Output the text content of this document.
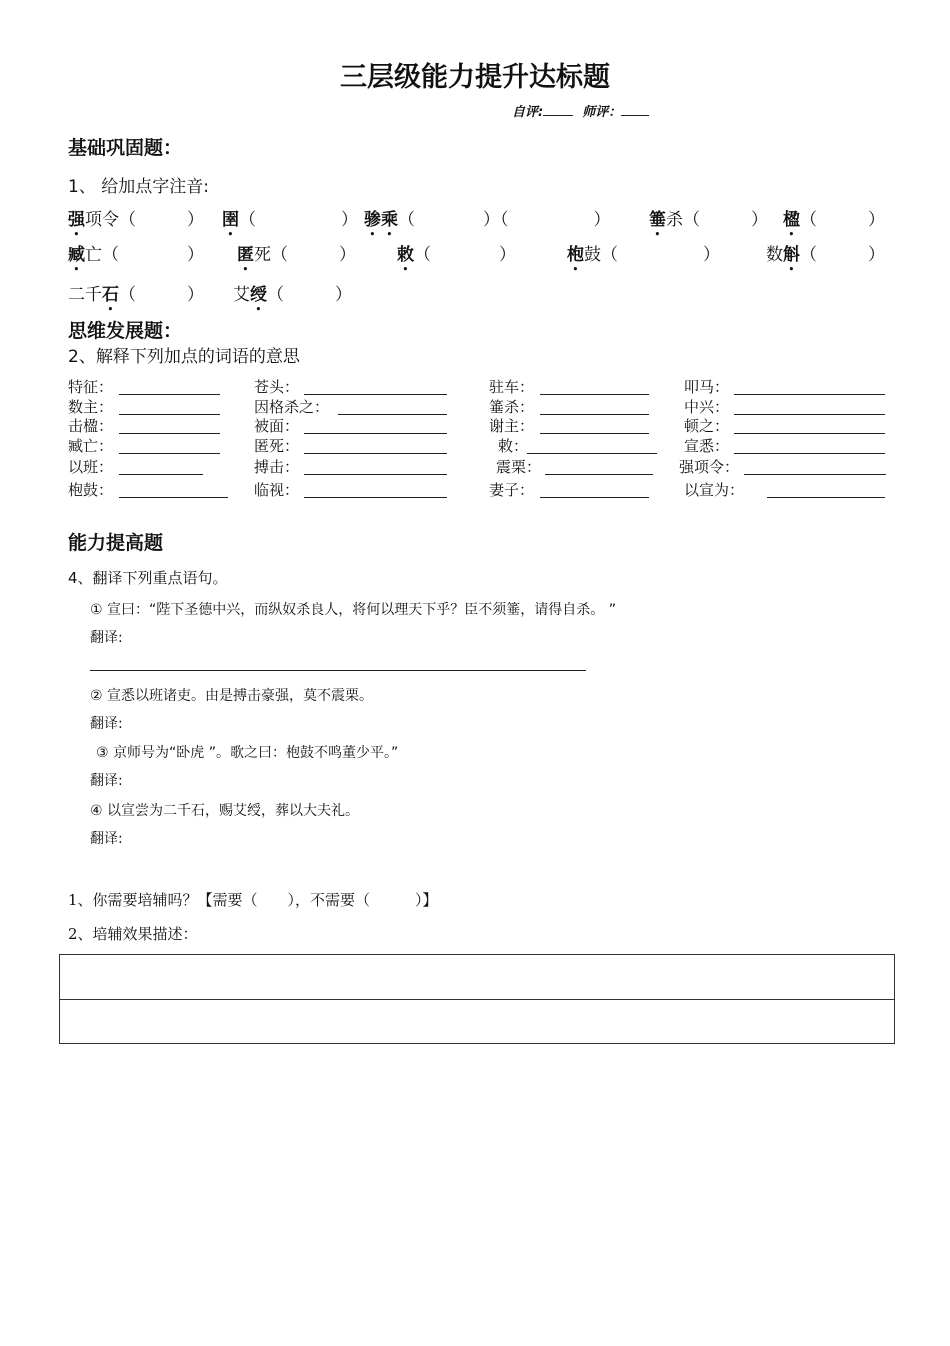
三层级能力提升达标题
自评:	师评：
基础巩固题：
1、 给加点字注音:
强项令（　　　） 圉（　　　　　） 骖乘（　　　　）（　　　　　） 箠杀（　　　） 楹（　　　）
臧亡（　　　　） 匿死（　　　） 敕（　　　　）	枹鼓（　　　　　）	数斛（　　　）
二千石（　　　） 艾绶（　　　）
思维发展题：
2、解释下列加点的词语的意思
特征：	苍头：	驻车：	叩马：
数主：	因格杀之：	箠杀：	中兴：
击楹：	被面：	谢主：	顿之：
臧亡：	匿死：	敕：	宣悉：
以班：	搏击：	震栗：	强项令：
枹鼓：	临视：	妻子：	以宣为：
能力提高题
4、翻译下列重点语句。
① 宣曰：“陛下圣德中兴，而纵奴杀良人，将何以理天下乎？臣不须箠，请得自杀。 ”
翻译:
② 宣悉以班诸吏。由是搏击豪强，莫不震栗。
翻译:
③ 京师号为“卧虎 ”。歌之曰：枹鼓不鸣董少平。”
翻译:
④ 以宣尝为二千石，赐艾绶，葬以大夫礼。
翻译:
1、你需要培辅吗？【需要（　　），不需要（　　　）】
2、培辅效果描述：
